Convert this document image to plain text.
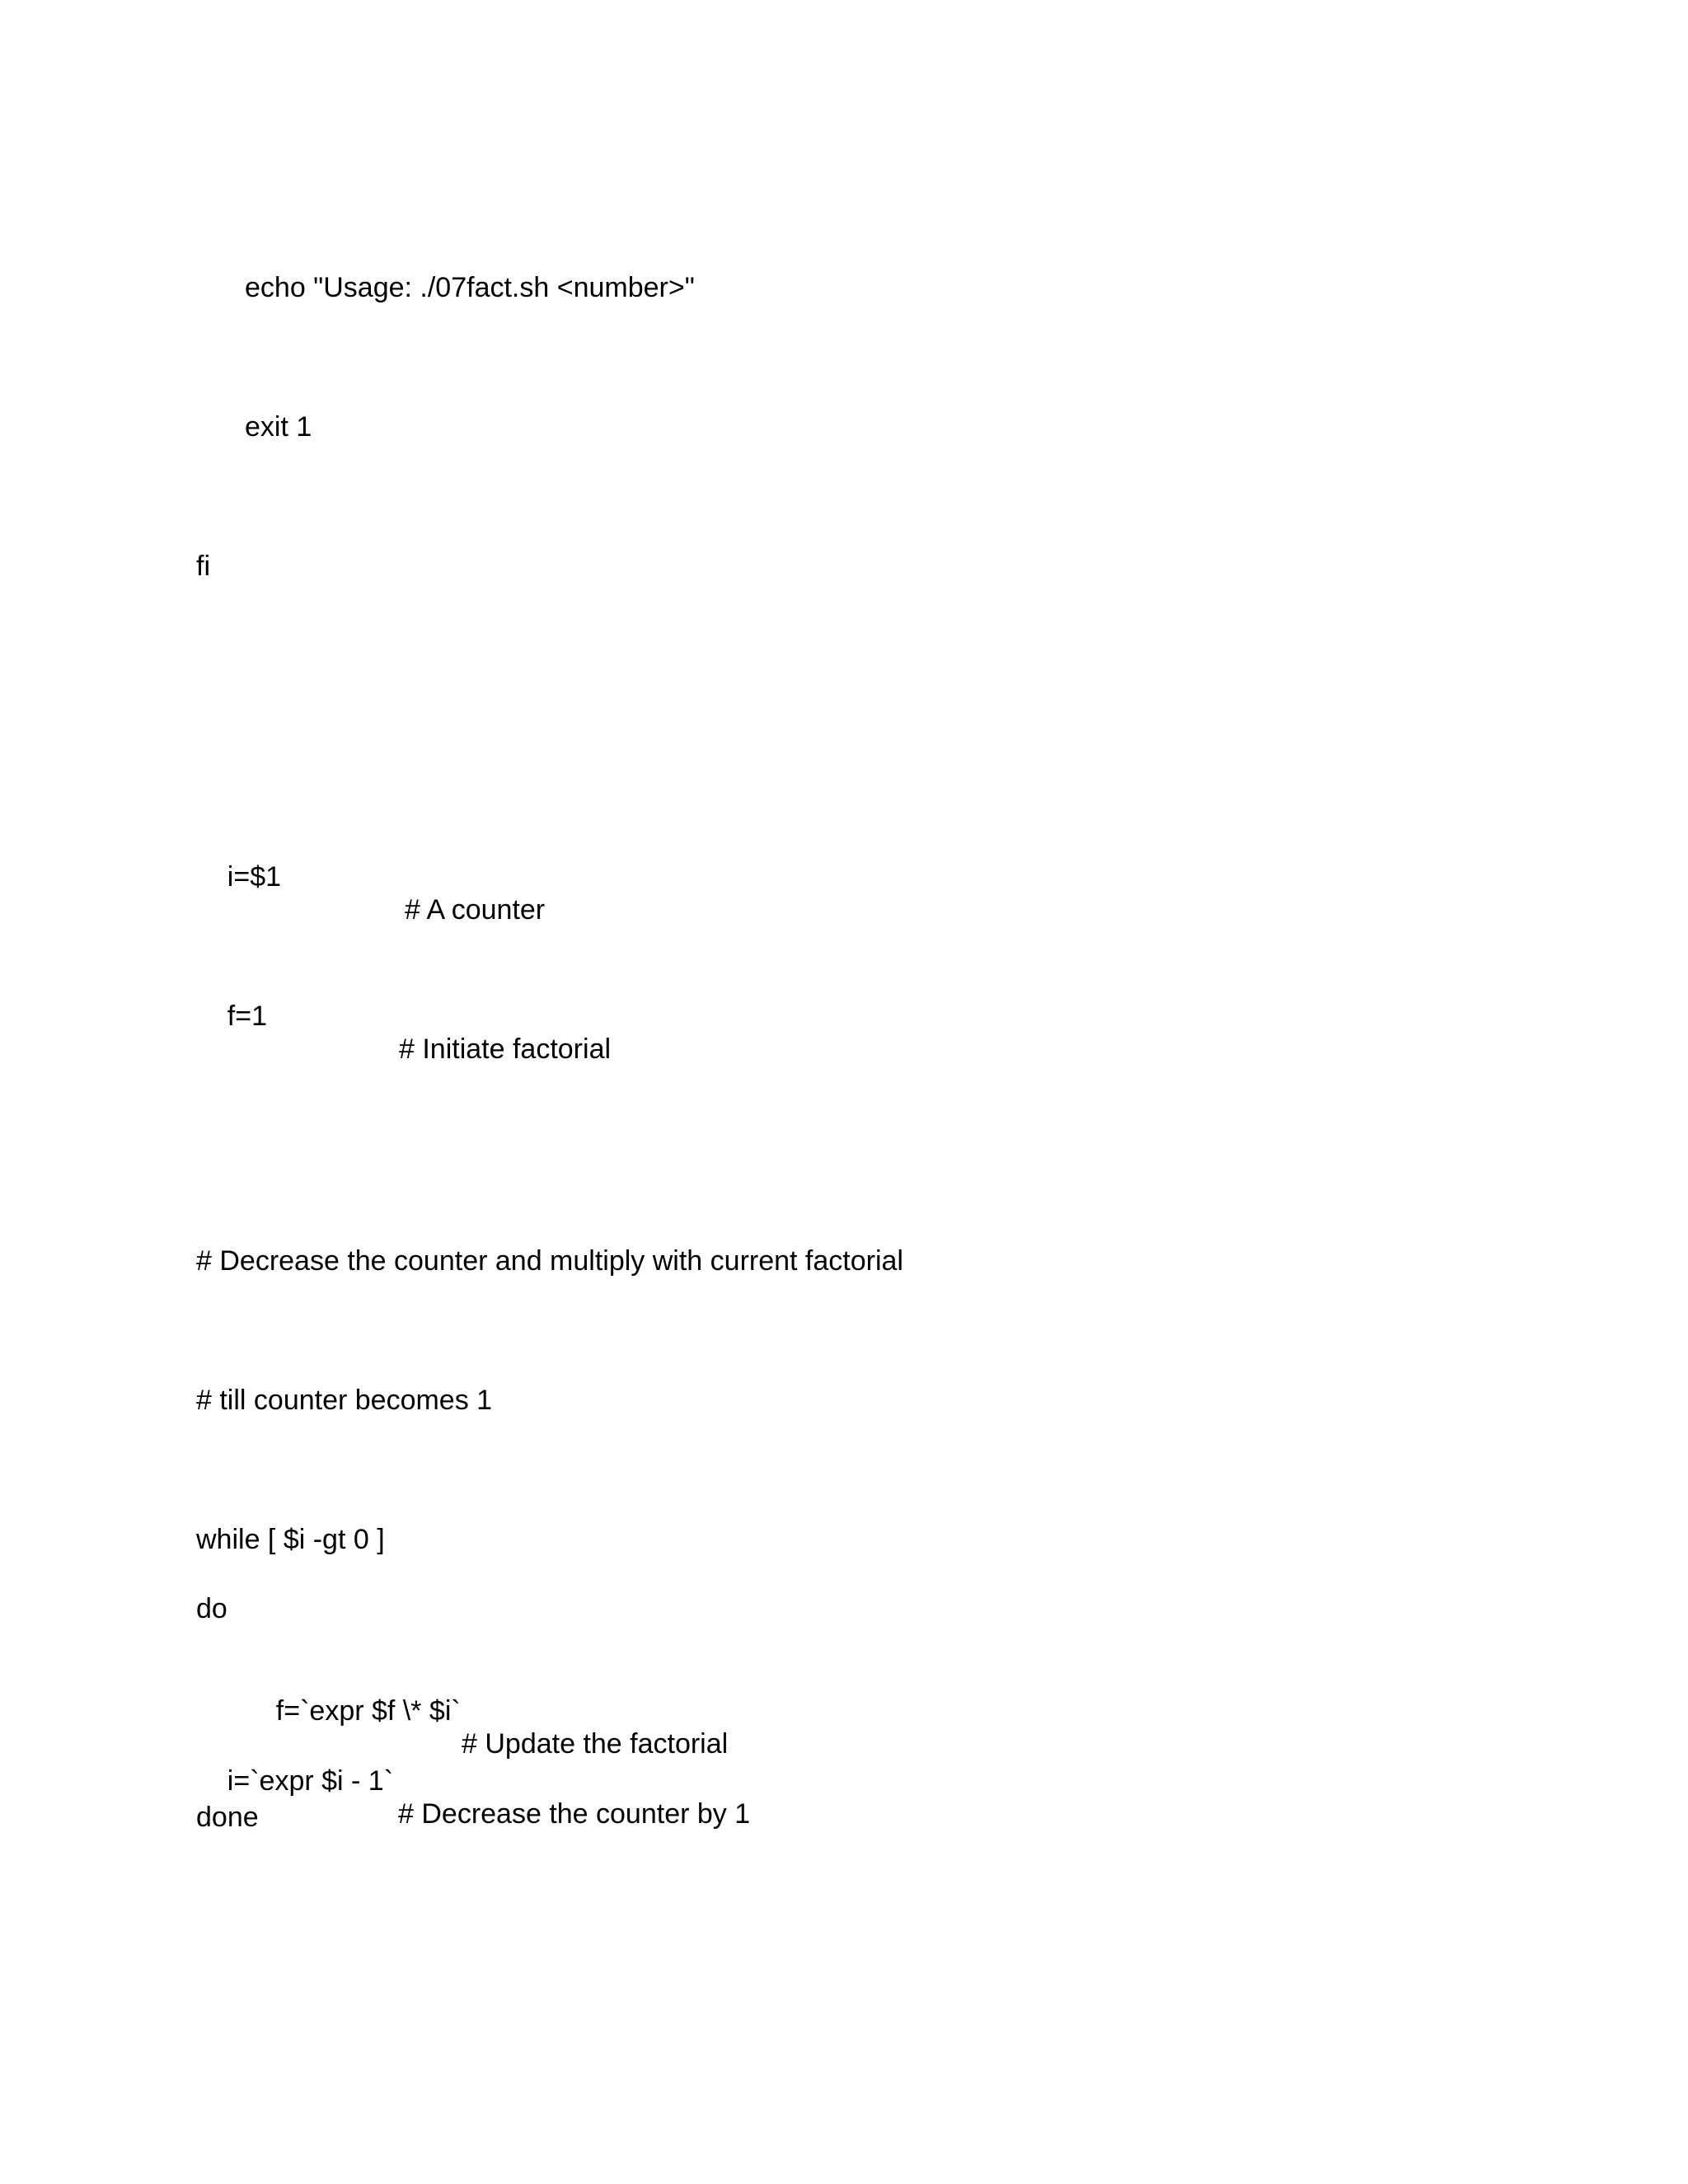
echo "Usage: ./07fact.sh <number>"
exit 1
fi

i=$1

# A counter

f=1

# Initiate factorial

# Decrease the counter and multiply with current factorial
# till counter becomes 1
while [ $i -gt 0 ]
do

f=`expr $f \* $i`

# Update the factorial

i=`expr $i - 1`

# Decrease the counter by 1

done
